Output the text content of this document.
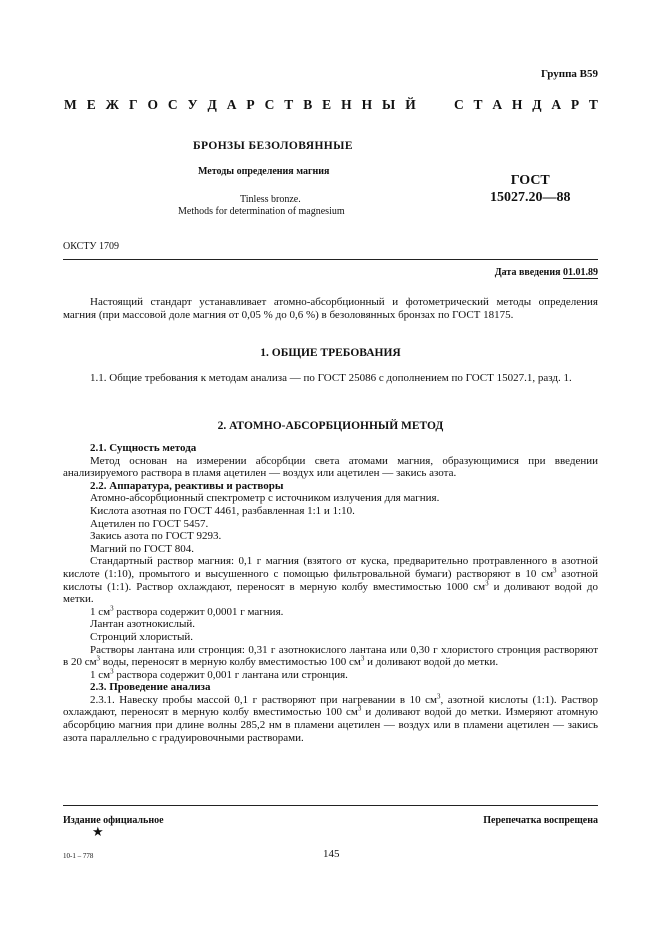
Группа В59
М Е Ж Г О С У Д А Р С Т В Е Н Н Ы Й	С Т А Н Д А Р Т
БРОНЗЫ БЕЗОЛОВЯННЫЕ
Методы определения магния
Tinless bronze.
Methods for determination of magnesium
ГОСТ
15027.20—88
ОКСТУ 1709
Дата введения 01.01.89

Настоящий стандарт устанавливает атомно-абсорбционный и фотометрический методы определения магния (при массовой доле магния от 0,05 % до 0,6 %) в безоловянных бронзах по ГОСТ 18175.

1. ОБЩИЕ ТРЕБОВАНИЯ

1.1. Общие требования к методам анализа — по ГОСТ 25086 с дополнением по ГОСТ 15027.1, разд. 1.

2. АТОМНО-АБСОРБЦИОННЫЙ МЕТОД

2.1. Сущность метода

Метод основан на измерении абсорбции света атомами магния, образующимися при введении анализируемого раствора в пламя ацетилен — воздух или ацетилен — закись азота.

2.2. Аппаратура, реактивы и растворы

Атомно-абсорбционный спектрометр с источником излучения для магния.

Кислота азотная по ГОСТ 4461, разбавленная 1:1 и 1:10.

Ацетилен по ГОСТ 5457.

Закись азота по ГОСТ 9293.

Магний по ГОСТ 804.

Стандартный раствор магния: 0,1 г магния (взятого от куска, предварительно протравленного в азотной кислоте (1:10), промытого и высушенного с помощью фильтровальной бумаги) растворяют в 10 $см^3$ азотной кислоты (1:1). Раствор охлаждают, переносят в мерную колбу вместимостью 1000 $см^3$ и доливают водой до метки.

1 $см^3$ раствора содержит 0,0001 г магния.

Лантан азотнокислый.

Стронций хлористый.

Растворы лантана или стронция: 0,31 г азотнокислого лантана или 0,30 г хлористого стронция растворяют в 20 $см^3$ воды, переносят в мерную колбу вместимостью 100 $см^3$ и доливают водой до метки.

1 $см^3$ раствора содержит 0,001 г лантана или стронция.

2.3. Проведение анализа

2.3.1. Навеску пробы массой 0,1 г растворяют при нагревании в 10 $см^3$, азотной кислоты (1:1). Раствор охлаждают, переносят в мерную колбу вместимостью 100 $см^3$ и доливают водой до метки. Измеряют атомную абсорбцию магния при длине волны 285,2 нм в пламени ацетилен — воздух или в пламени ацетилен — закись азота параллельно с градуировочными растворами.

Издание официальное	Перепечатка воспрещена
★
10-1 – 778	145
